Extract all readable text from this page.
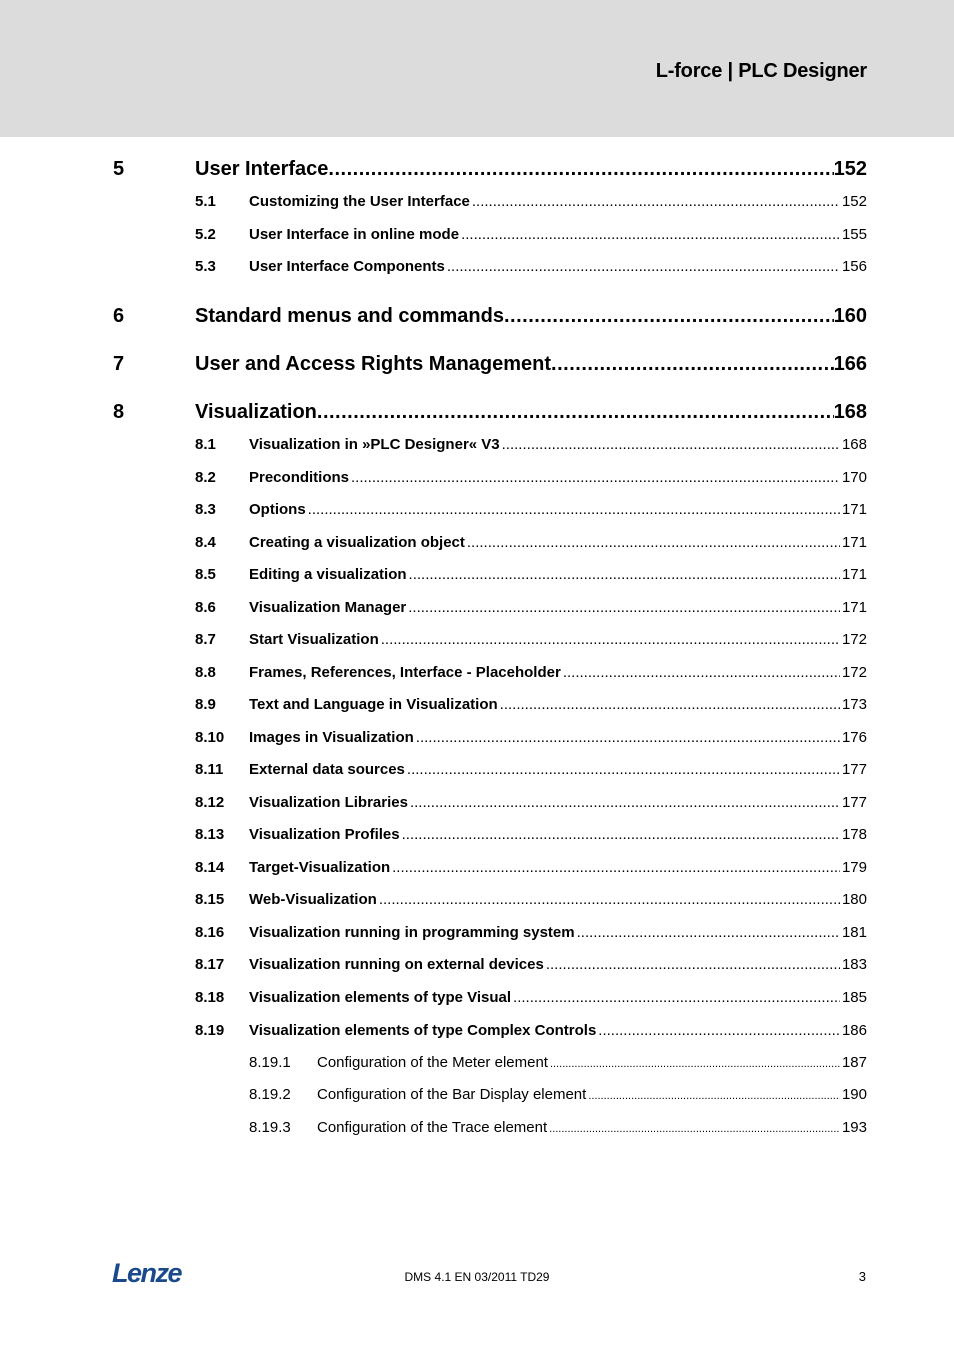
L-force | PLC Designer
5	User Interface .....	152
5.1 Customizing the User Interface .....	152
5.2 User Interface in online mode .....	155
5.3 User Interface Components .....	156
6	Standard menus and commands .....	160
7	User and Access Rights Management .....	166
8	Visualization .....	168
8.1 Visualization in »PLC Designer« V3 .....	168
8.2 Preconditions .....	170
8.3 Options .....	171
8.4 Creating a visualization object .....	171
8.5 Editing a visualization .....	171
8.6 Visualization Manager .....	171
8.7 Start Visualization .....	172
8.8 Frames, References, Interface - Placeholder .....	172
8.9 Text and Language in Visualization .....	173
8.10 Images in Visualization .....	176
8.11 External data sources .....	177
8.12 Visualization Libraries .....	177
8.13 Visualization Profiles .....	178
8.14 Target-Visualization .....	179
8.15 Web-Visualization .....	180
8.16 Visualization running in programming system .....	181
8.17 Visualization running on external devices .....	183
8.18 Visualization elements of type Visual .....	185
8.19 Visualization elements of type Complex Controls .....	186
8.19.1 Configuration of the Meter element .....	187
8.19.2 Configuration of the Bar Display element .....	190
8.19.3 Configuration of the Trace element .....	193
Lenze	DMS 4.1 EN 03/2011 TD29	3
